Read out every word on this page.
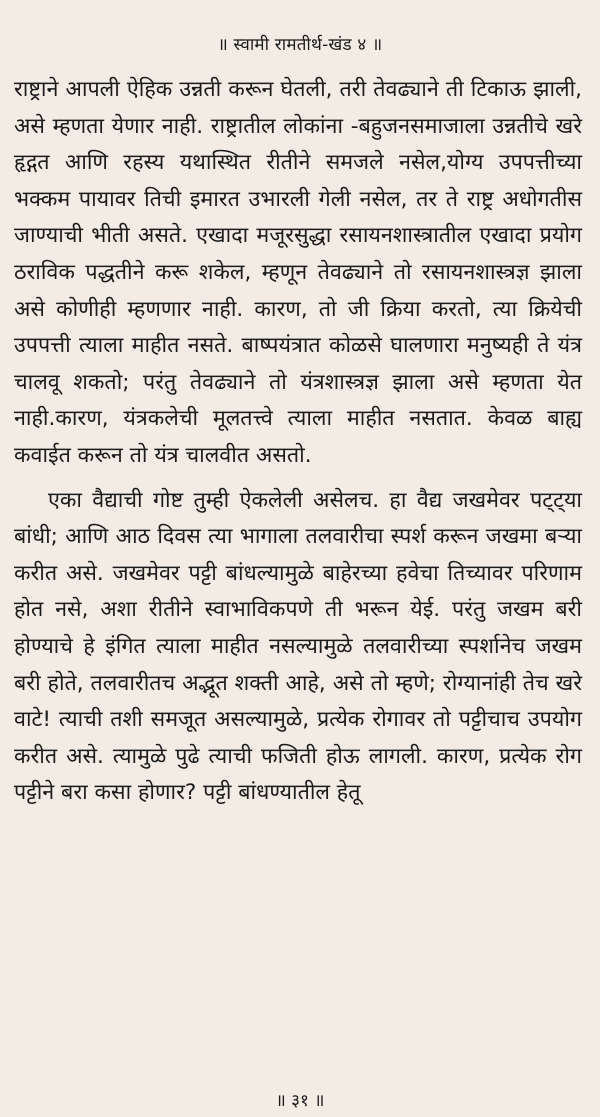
॥ स्वामी रामतीर्थ-खंड ४ ॥

राष्ट्राने आपली ऐहिक उन्नती करून घेतली, तरी तेवढ्याने ती टिकाऊ झाली, असे म्हणता येणार नाही. राष्ट्रातील लोकांना -बहुजनसमाजाला उन्नतीचे खरे हृद्गत आणि रहस्य यथास्थित रीतीने समजले नसेल,योग्य उपपत्तीच्या भक्कम पायावर तिची इमारत उभारली गेली नसेल, तर ते राष्ट्र अधोगतीस जाण्याची भीती असते. एखादा मजूरसुद्धा रसायनशास्त्रातील एखादा प्रयोग ठराविक पद्धतीने करू शकेल, म्हणून तेवढ्याने तो रसायनशास्त्रज्ञ झाला असे कोणीही म्हणणार नाही. कारण, तो जी क्रिया करतो, त्या क्रियेची उपपत्ती त्याला माहीत नसते. बाष्पयंत्रात कोळसे घालणारा मनुष्यही ते यंत्र चालवू शकतो; परंतु तेवढ्याने तो यंत्रशास्त्रज्ञ झाला असे म्हणता येत नाही.कारण, यंत्रकलेची मूलतत्त्वे त्याला माहीत नसतात. केवळ बाह्य कवाईत करून तो यंत्र चालवीत असतो.

एका वैद्याची गोष्ट तुम्ही ऐकलेली असेलच. हा वैद्य जखमेवर पट्ट्या बांधी; आणि आठ दिवस त्या भागाला तलवारीचा स्पर्श करून जखमा बऱ्या करीत असे. जखमेवर पट्टी बांधल्यामुळे बाहेरच्या हवेचा तिच्यावर परिणाम होत नसे, अशा रीतीने स्वाभाविकपणे ती भरून येई. परंतु जखम बरी होण्याचे हे इंगित त्याला माहीत नसल्यामुळे तलवारीच्या स्पर्शानेच जखम बरी होते, तलवारीतच अद्भूत शक्ती आहे, असे तो म्हणे; रोग्यानांही तेच खरे वाटे! त्याची तशी समजूत असल्यामुळे, प्रत्येक रोगावर तो पट्टीचाच उपयोग करीत असे. त्यामुळे पुढे त्याची फजिती होऊ लागली. कारण, प्रत्येक रोग पट्टीने बरा कसा होणार? पट्टी बांधण्यातील हेतू

॥ ३१ ॥
